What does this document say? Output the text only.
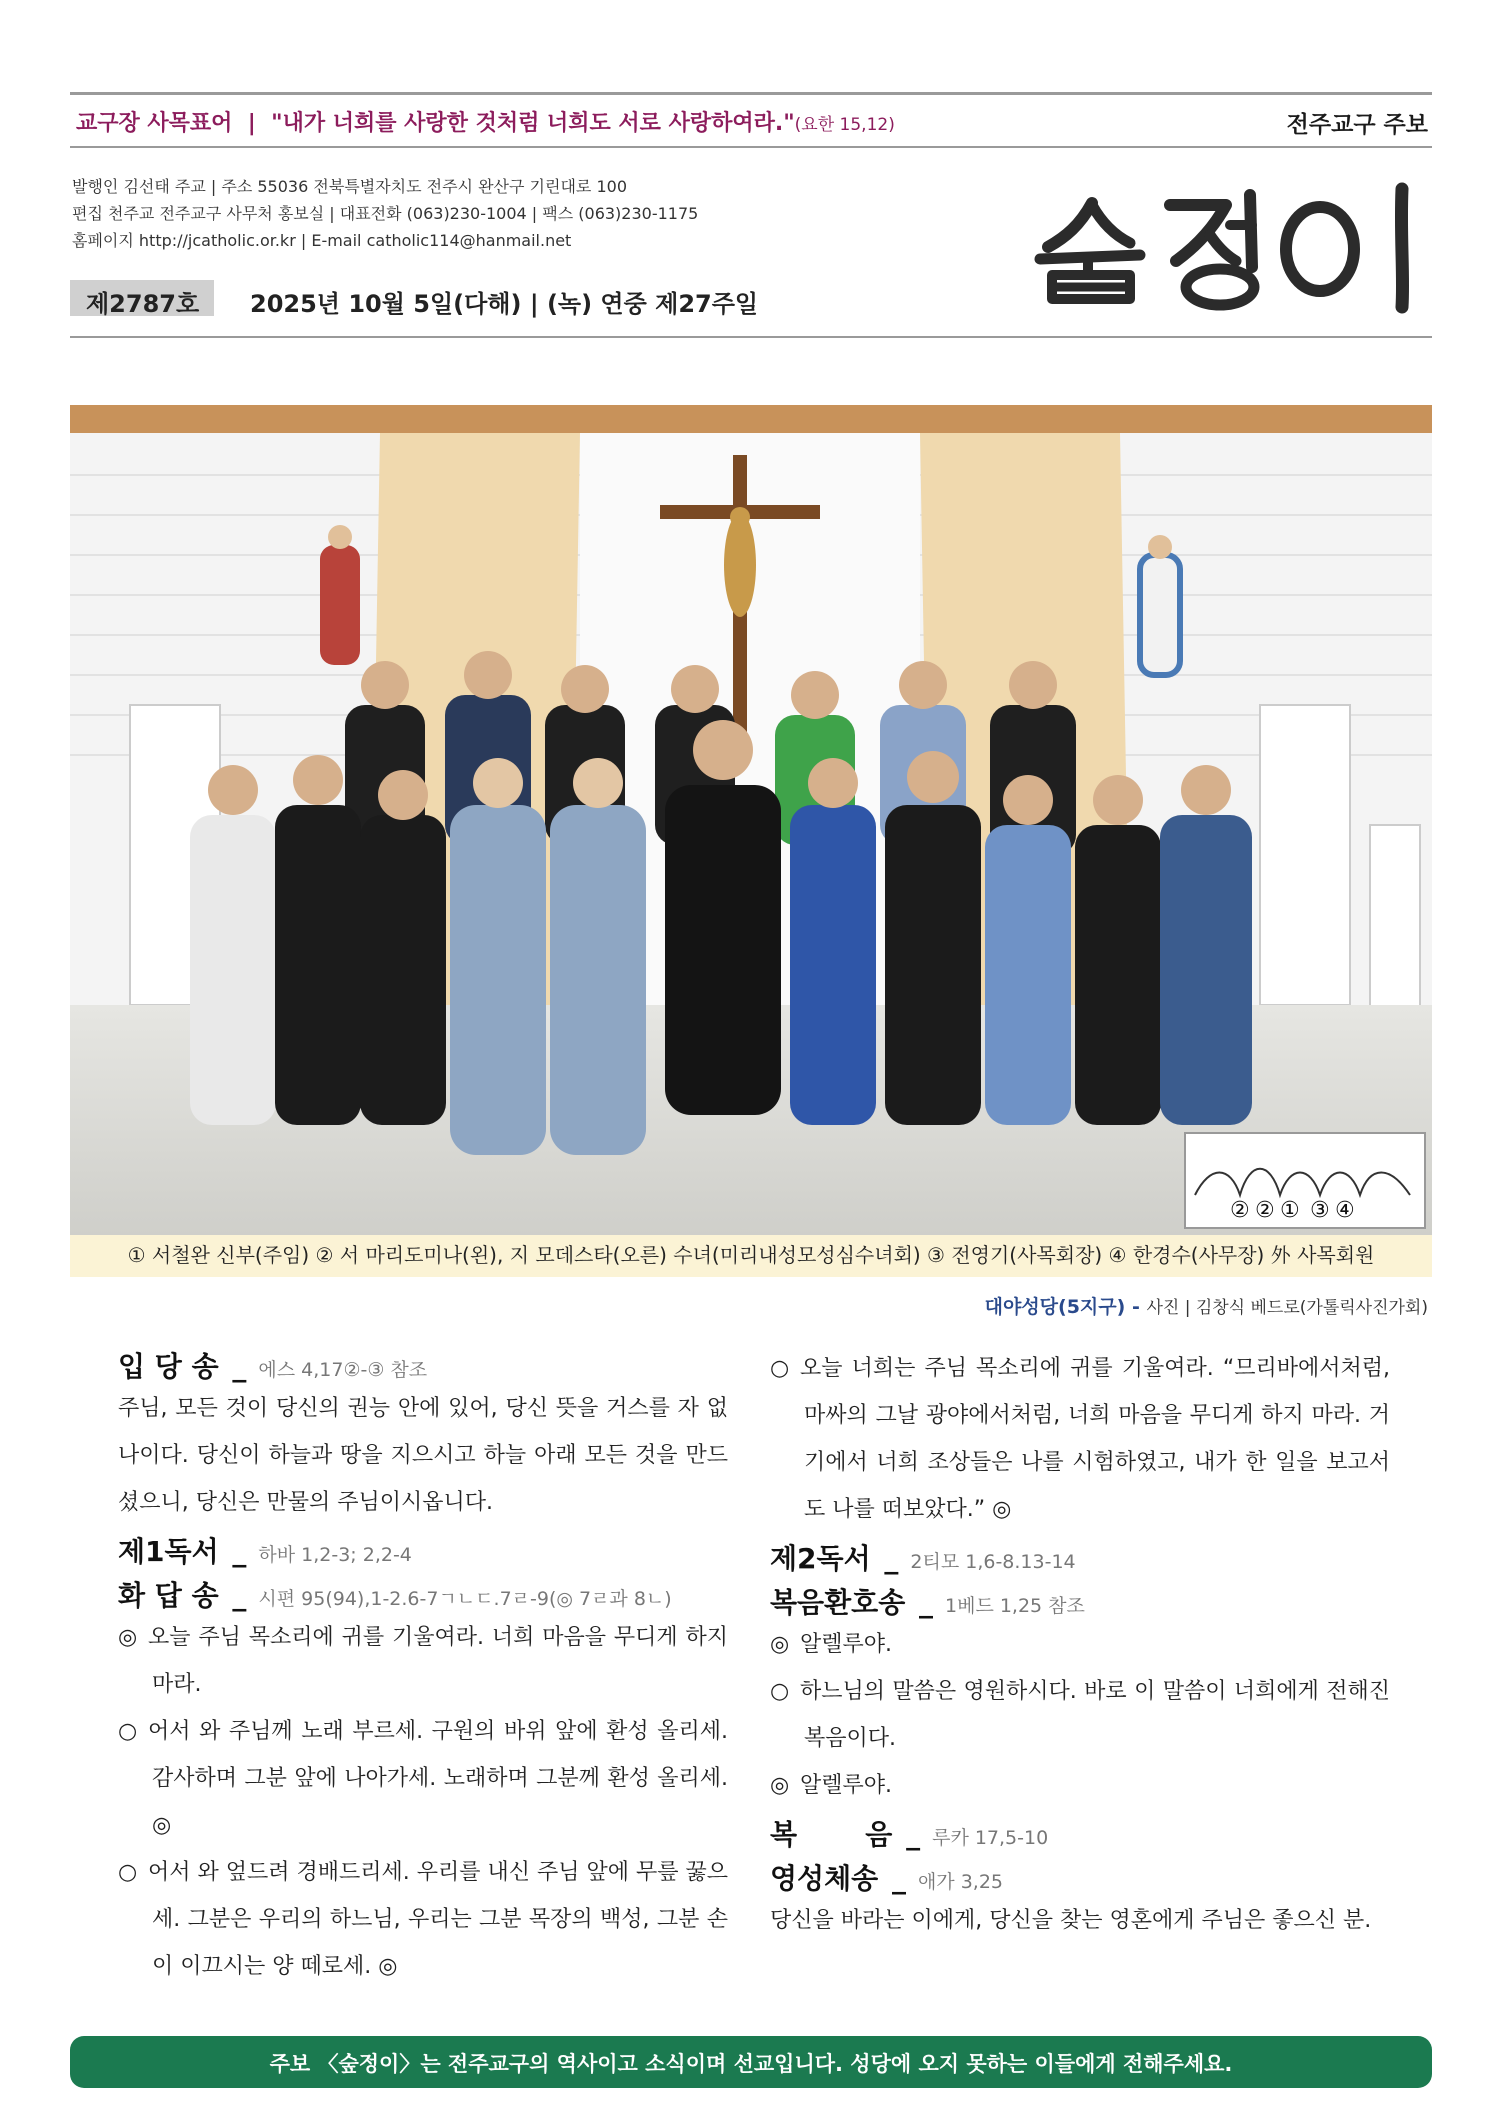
교구장 사목표어 | "내가 너희를 사랑한 것처럼 너희도 서로 사랑하여라."(요한 15,12)	전주교구 주보
발행인 김선태 주교 | 주소 55036 전북특별자치도 전주시 완산구 기린대로 100
편집 천주교 전주교구 사무처 홍보실 | 대표전화 (063)230-1004 | 팩스 (063)230-1175
홈페이지 http://jcatholic.or.kr | E-mail catholic114@hanmail.net
제2787호 2025년 10월 5일(다해) | (녹) 연중 제27주일
② ② ① ③ ④
① 서철완 신부(주임) ② 서 마리도미나(왼), 지 모데스타(오른) 수녀(미리내성모성심수녀회) ③ 전영기(사목회장) ④ 한경수(사무장) 外 사목회원
대야성당(5지구) - 사진 | 김창식 베드로(가톨릭사진가회)
입 당 송 _ 에스 4,17②-③ 참조
주님, 모든 것이 당신의 권능 안에 있어, 당신 뜻을 거스를 자 없나이다. 당신이 하늘과 땅을 지으시고 하늘 아래 모든 것을 만드셨으니, 당신은 만물의 주님이시옵니다.
제1독서 _ 하바 1,2-3; 2,2-4
화 답 송 _ 시편 95(94),1-2.6-7ㄱㄴㄷ.7ㄹ-9(◎ 7ㄹ과 8ㄴ)
◎ 오늘 주님 목소리에 귀를 기울여라. 너희 마음을 무디게 하지 마라.
○ 어서 와 주님께 노래 부르세. 구원의 바위 앞에 환성 올리세. 감사하며 그분 앞에 나아가세. 노래하며 그분께 환성 올리세. ◎
○ 어서 와 엎드려 경배드리세. 우리를 내신 주님 앞에 무릎 꿇으세. 그분은 우리의 하느님, 우리는 그분 목장의 백성, 그분 손이 이끄시는 양 떼로세. ◎
○ 오늘 너희는 주님 목소리에 귀를 기울여라. “므리바에서처럼, 마싸의 그날 광야에서처럼, 너희 마음을 무디게 하지 마라. 거기에서 너희 조상들은 나를 시험하였고, 내가 한 일을 보고서도 나를 떠보았다.” ◎
제2독서 _ 2티모 1,6-8.13-14
복음환호송 _ 1베드 1,25 참조
◎ 알렐루야.
○ 하느님의 말씀은 영원하시다. 바로 이 말씀이 너희에게 전해진 복음이다.
◎ 알렐루야.
복       음 _ 루카 17,5-10
영성체송 _ 애가 3,25
당신을 바라는 이에게, 당신을 찾는 영혼에게 주님은 좋으신 분.
주보 〈숲정이〉는 전주교구의 역사이고 소식이며 선교입니다. 성당에 오지 못하는 이들에게 전해주세요.
